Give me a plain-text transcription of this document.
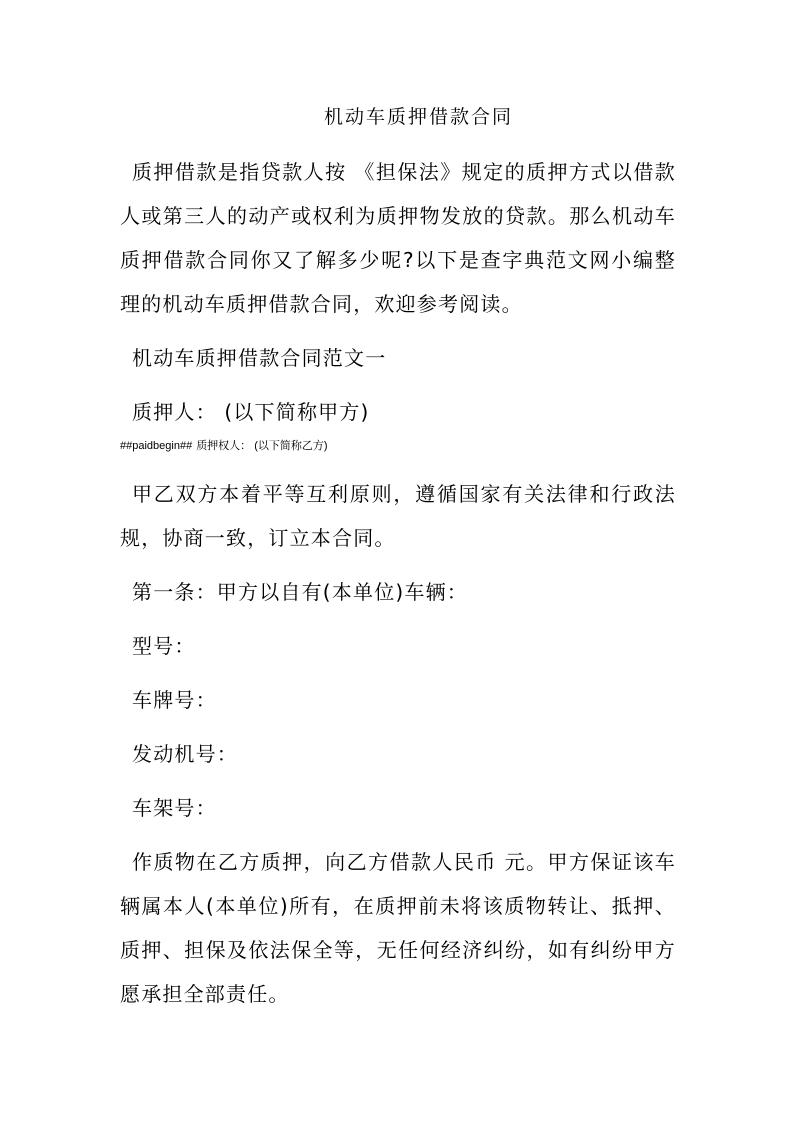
机动车质押借款合同

质押借款是指贷款人按 《担保法》规定的质押方式以借款人或第三人的动产或权利为质押物发放的贷款。那么机动车质押借款合同你又了解多少呢?以下是查字典范文网小编整理的机动车质押借款合同，欢迎参考阅读。

机动车质押借款合同范文一

质押人： (以下简称甲方)

##paidbegin## 质押权人： (以下简称乙方)

甲乙双方本着平等互利原则，遵循国家有关法律和行政法规，协商一致，订立本合同。

第一条：甲方以自有(本单位)车辆：

型号：

车牌号：

发动机号：

车架号：

作质物在乙方质押，向乙方借款人民币 元。甲方保证该车辆属本人(本单位)所有，在质押前未将该质物转让、抵押、质押、担保及依法保全等，无任何经济纠纷，如有纠纷甲方愿承担全部责任。
